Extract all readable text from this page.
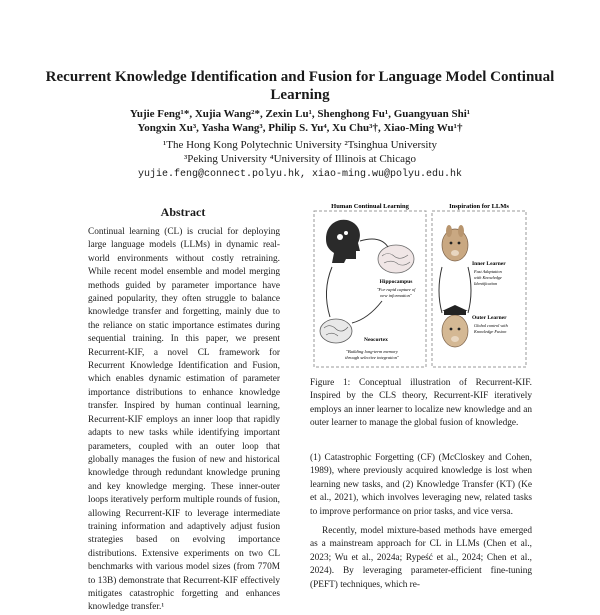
Recurrent Knowledge Identification and Fusion for Language Model Continual Learning
Yujie Feng¹*, Xujia Wang²*, Zexin Lu¹, Shenghong Fu¹, Guangyuan Shi¹
Yongxin Xu³, Yasha Wang³, Philip S. Yu⁴, Xu Chu³†, Xiao-Ming Wu¹†
¹The Hong Kong Polytechnic University ²Tsinghua University
³Peking University ⁴University of Illinois at Chicago
yujie.feng@connect.polyu.hk, xiao-ming.wu@polyu.edu.hk
Abstract
Continual learning (CL) is crucial for deploying large language models (LLMs) in dynamic real-world environments without costly retraining. While recent model ensemble and model merging methods guided by parameter importance have gained popularity, they often struggle to balance knowledge transfer and forgetting, mainly due to the reliance on static importance estimates during sequential training. In this paper, we present Recurrent-KIF, a novel CL framework for Recurrent Knowledge Identification and Fusion, which enables dynamic estimation of parameter importance distributions to enhance knowledge transfer. Inspired by human continual learning, Recurrent-KIF employs an inner loop that rapidly adapts to new tasks while identifying important parameters, coupled with an outer loop that globally manages the fusion of new and historical knowledge through redundant knowledge pruning and key knowledge merging. These inner-outer loops iteratively perform multiple rounds of fusion, allowing Recurrent-KIF to leverage intermediate training information and adaptively adjust fusion strategies based on evolving importance distributions. Extensive experiments on two CL benchmarks with various model sizes (from 770M to 13B) demonstrate that Recurrent-KIF effectively mitigates catastrophic forgetting and enhances knowledge transfer.¹
Human Continual Learning	Inspiration for LLMs
Hippocampus
"For rapid capture of
new information"
Neocortex
"Building long-term memory
through selective integration"
Inner Learner
Fast Adaptation
with Knowledge
Identification
Outer Learner
Global control with
Knowledge Fusion
Figure 1: Conceptual illustration of Recurrent-KIF. Inspired by the CLS theory, Recurrent-KIF iteratively employs an inner learner to localize new knowledge and an outer learner to manage the global fusion of knowledge.

(1) Catastrophic Forgetting (CF) (McCloskey and Cohen, 1989), where previously acquired knowledge is lost when learning new tasks, and (2) Knowledge Transfer (KT) (Ke et al., 2021), which involves leveraging new, related tasks to improve performance on prior tasks, and vice versa.

Recently, model mixture-based methods have emerged as a mainstream approach for CL in LLMs (Chen et al., 2023; Wu et al., 2024a; Rypeść et al., 2024; Chen et al., 2024). By leveraging parameter-efficient fine-tuning (PEFT) techniques, which re-
